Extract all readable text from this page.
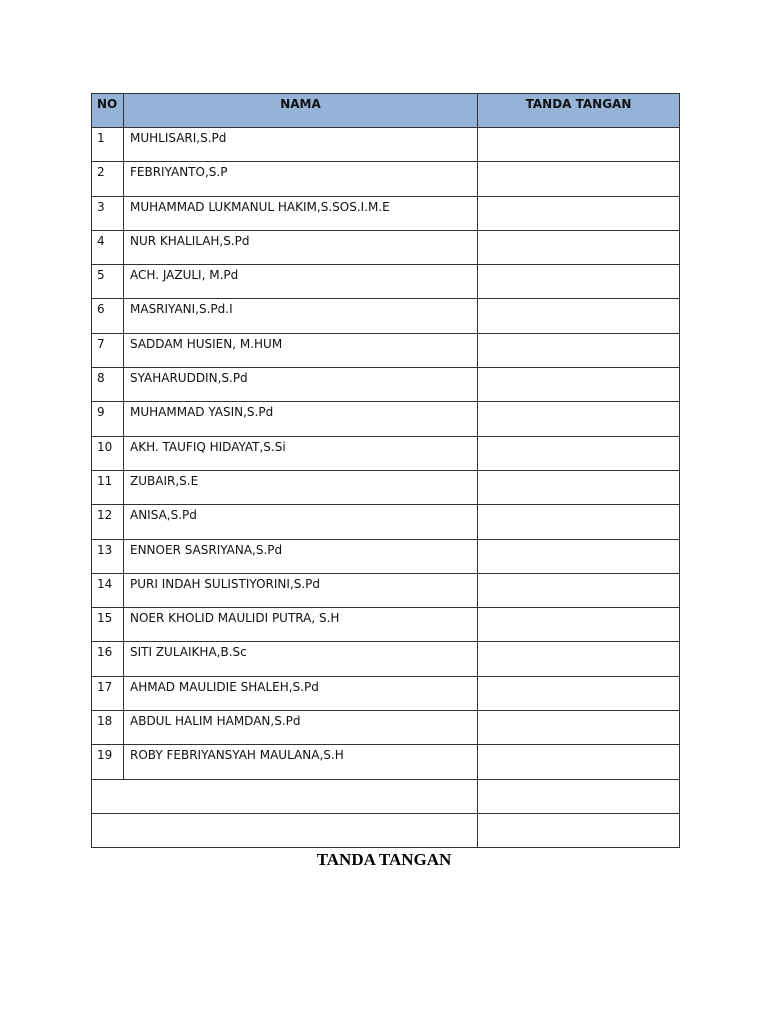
NO	NAMA	TANDA TANGAN
1	MUHLISARI,S.Pd	
2	FEBRIYANTO,S.P	
3	MUHAMMAD LUKMANUL HAKIM,S.SOS.I.M.E	
4	NUR KHALILAH,S.Pd	
5	ACH. JAZULI, M.Pd	
6	MASRIYANI,S.Pd.I	
7	SADDAM HUSIEN, M.HUM	
8	SYAHARUDDIN,S.Pd	
9	MUHAMMAD YASIN,S.Pd	
10	AKH. TAUFIQ HIDAYAT,S.Si	
11	ZUBAIR,S.E	
12	ANISA,S.Pd	
13	ENNOER SASRIYANA,S.Pd	
14	PURI INDAH SULISTIYORINI,S.Pd	
15	NOER KHOLID MAULIDI PUTRA, S.H	
16	SITI ZULAIKHA,B.Sc	
17	AHMAD MAULIDIE SHALEH,S.Pd	
18	ABDUL HALIM HAMDAN,S.Pd	
19	ROBY FEBRIYANSYAH MAULANA,S.H	

TANDA TANGAN
